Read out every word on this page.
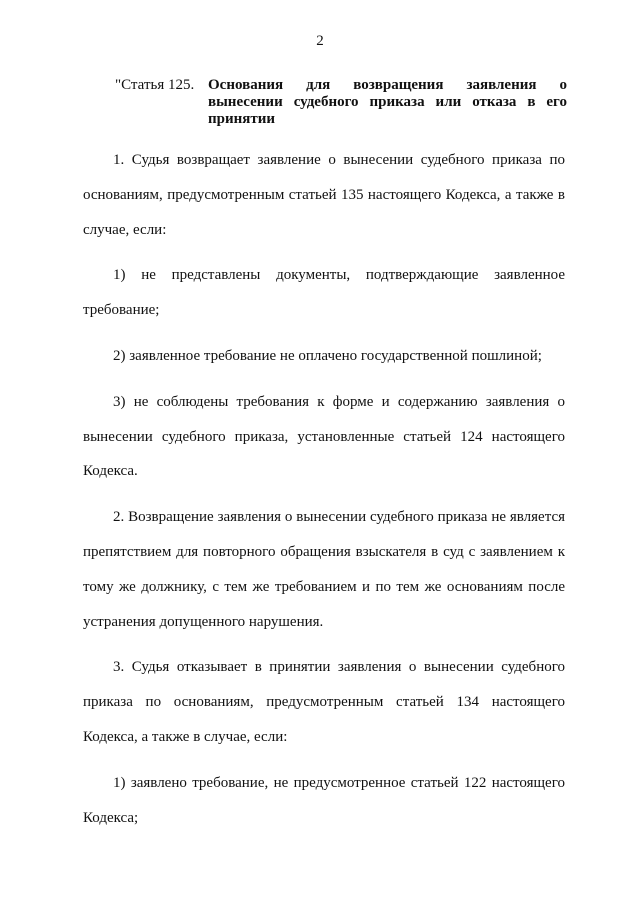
2
"Статья 125. Основания для возвращения заявления о вынесении судебного приказа или отказа в его принятии

1. Судья возвращает заявление о вынесении судебного приказа по основаниям, предусмотренным статьей 135 настоящего Кодекса, а также в случае, если:

1) не представлены документы, подтверждающие заявленное требование;

2) заявленное требование не оплачено государственной пошлиной;

3) не соблюдены требования к форме и содержанию заявления о вынесении судебного приказа, установленные статьей 124 настоящего Кодекса.

2. Возвращение заявления о вынесении судебного приказа не является препятствием для повторного обращения взыскателя в суд с заявлением к тому же должнику, с тем же требованием и по тем же основаниям после устранения допущенного нарушения.

3. Судья отказывает в принятии заявления о вынесении судебного приказа по основаниям, предусмотренным статьей 134 настоящего Кодекса, а также в случае, если:

1) заявлено требование, не предусмотренное статьей 122 настоящего Кодекса;
